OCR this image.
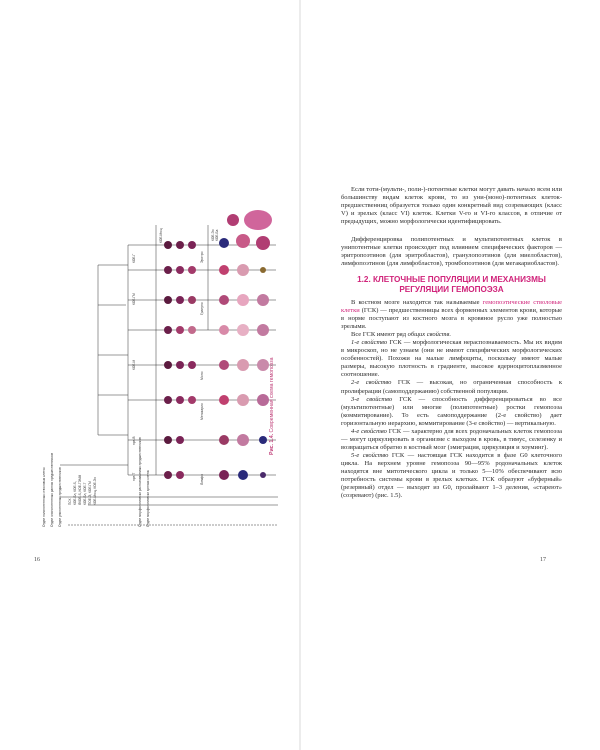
Отдел полипотентных стволовых клеток Отдел олигопотентных ранних предшественников Отдел унипотентных предшественников	Отдел морфологически распознаваемых предшественников Отдел морфологически зрелых клеток
ПСК КОЕ-Бл, КОЕ-S, ЛКОЕ-S, КОЕ-ГЭММ КОЕ-Бл, КОЕ-7 ПОЕ-Э, КОЕ-ГМ КОЕ-Мгкц, КОЕ-Эо
КОЕ-Г
КОЕ-ГМ
КОЕ-М
пре-В
пре-Т
КОЕ-Мгкц	КОЕ-Эо КОЕ-Ба
Эритро
Грануло
Моно
Мегакарио
Лимфо
Рис. 1.4. Современная схема гемопоэза
16

Если тоти-(мульти-, поли-)-потентные клетки могут давать начало всем или большинству видам клеток крови, то из уни-(моно)-потентных клеток-предшественниц образуется только один конкретный вид созревающих (класс V) и зрелых (класс VI) клеток. Клетки V-го и VI-го классов, в отличие от предыдущих, можно морфологически идентифицировать.

Дифференцировка полипотентных и мультипотентных клеток в унипотентные клетки происходит под влиянием специфических факторов — эритропоэтинов (для эритробластов), гранулопоэтинов (для миелобластов), лимфопоэтинов (для лимфобластов), тромбопоэтинов (для мегакариобластов).

1.2. КЛЕТОЧНЫЕ ПОПУЛЯЦИИ И МЕХАНИЗМЫ РЕГУЛЯЦИИ ГЕМОПОЭЗА

В костном мозге находится так называемые гемопоэтические стволовые клетки (ГСК) — предшественницы всех форменных элементов крови, которые в норме поступают из костного мозга в кровяное русло уже полностью зрелыми.

Все ГСК имеют ряд общих свойств.

1-е свойство ГСК — морфологическая нераспознаваемость. Мы их видим в микроскоп, но не узнаем (они не имеют специфических морфологических особенностей). Похожи на малые лимфоциты, поскольку имеют малые размеры, высокую плотность в градиенте, высокое ядерноцитоплазменное соотношение.

2-е свойство ГСК — высокая, но ограниченная способность к пролиферации (самоподдержанию) собственной популяции.

3-е свойство ГСК — способность дифференцироваться во все (мультипотентные) или многие (полипотентные) ростки гемопоэза (коммитирование). То есть самоподдержание (2-е свойство) дает горизонтальную иерархию, коммитирование (3-е свойство) — вертикальную.

4-е свойство ГСК — характерно для всех родоначальных клеток гемопоэза — могут циркулировать в организме с выходом в кровь, в тимус, селезенку и возвращаться обратно в костный мозг (эмиграция, циркуляция и хоуминг).

5-е свойство ГСК — настоящая ГСК находится в фазе G0 клеточного цикла. На верхнем уровне гемопоэза 90—95% родоначальных клеток находятся вне митотического цикла и только 5—10% обеспечивают всю потребность системы крови в зрелых клетках. ГСК образуют «буферный» (резервный) отдел — выходят из G0, пролайвают 1–3 деления, «стареют» (созревают) (рис. 1.5).

17
